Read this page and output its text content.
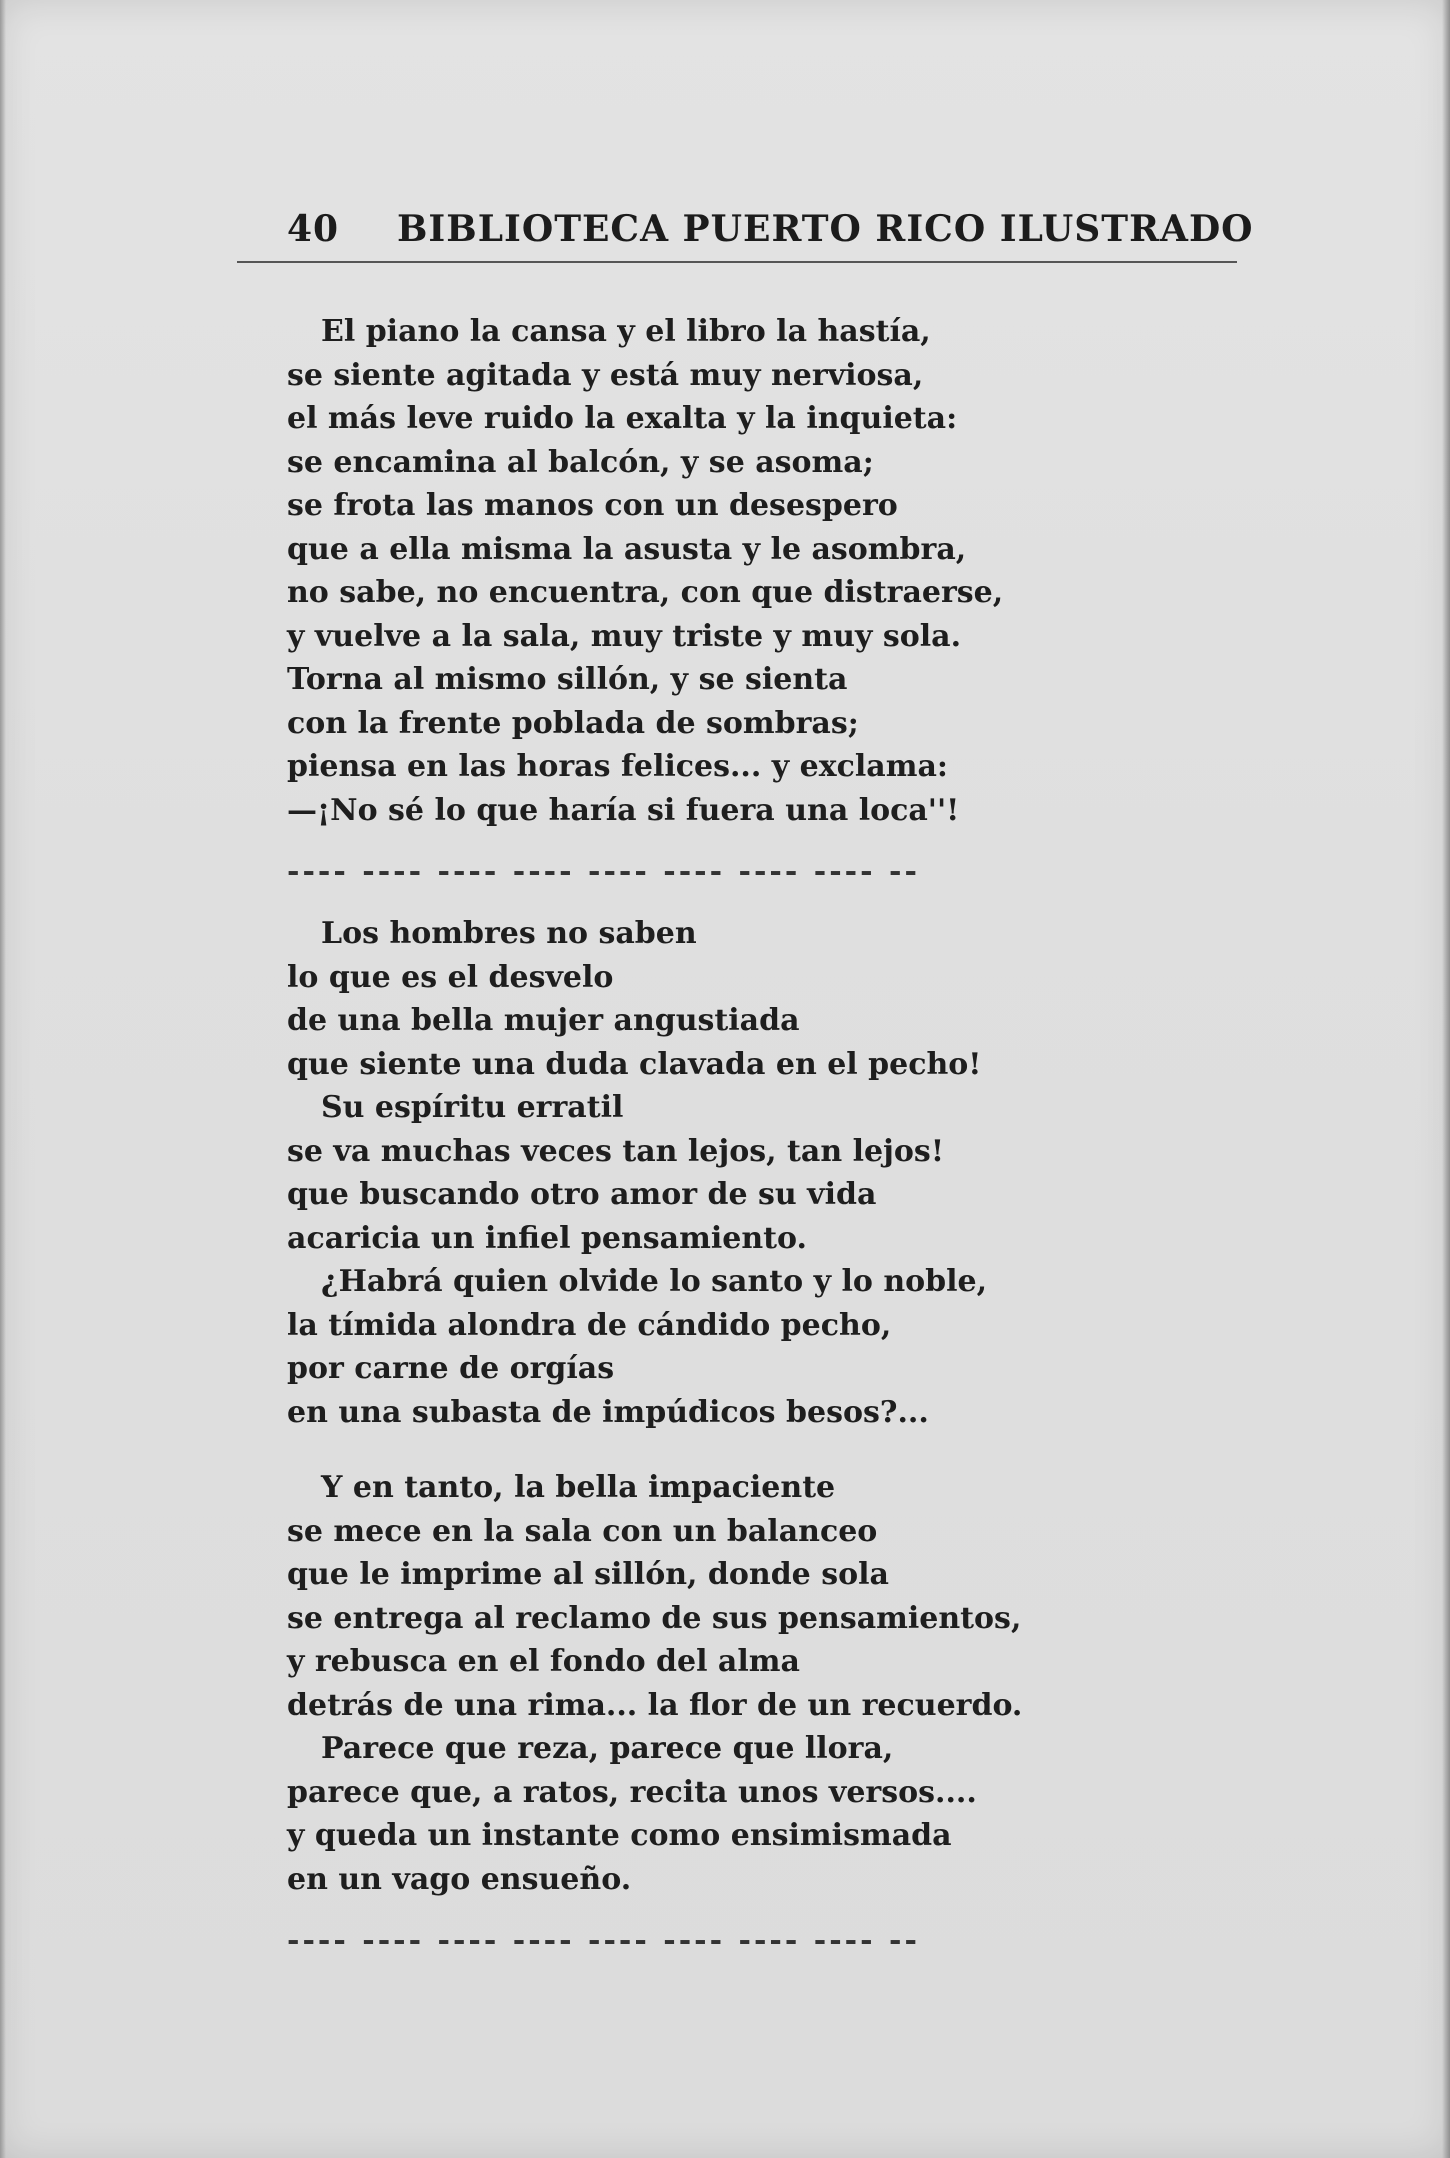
40 BIBLIOTECA PUERTO RICO ILUSTRADO
El piano la cansa y el libro la hastía,
se siente agitada y está muy nerviosa,
el más leve ruido la exalta y la inquieta:
se encamina al balcón, y se asoma;
se frota las manos con un desespero
que a ella misma la asusta y le asombra,
no sabe, no encuentra, con que distraerse,
y vuelve a la sala, muy triste y muy sola.
Torna al mismo sillón, y se sienta
con la frente poblada de sombras;
piensa en las horas felices... y exclama:
—¡No sé lo que haría si fuera una loca''!
---- ---- ---- ---- ---- ---- ---- ---- --
Los hombres no saben
lo que es el desvelo
de una bella mujer angustiada
que siente una duda clavada en el pecho!
Su espíritu erratil
se va muchas veces tan lejos, tan lejos!
que buscando otro amor de su vida
acaricia un infiel pensamiento.
¿Habrá quien olvide lo santo y lo noble,
la tímida alondra de cándido pecho,
por carne de orgías
en una subasta de impúdicos besos?...
Y en tanto, la bella impaciente
se mece en la sala con un balanceo
que le imprime al sillón, donde sola
se entrega al reclamo de sus pensamientos,
y rebusca en el fondo del alma
detrás de una rima... la flor de un recuerdo.
Parece que reza, parece que llora,
parece que, a ratos, recita unos versos....
y queda un instante como ensimismada
en un vago ensueño.
---- ---- ---- ---- ---- ---- ---- ---- --
